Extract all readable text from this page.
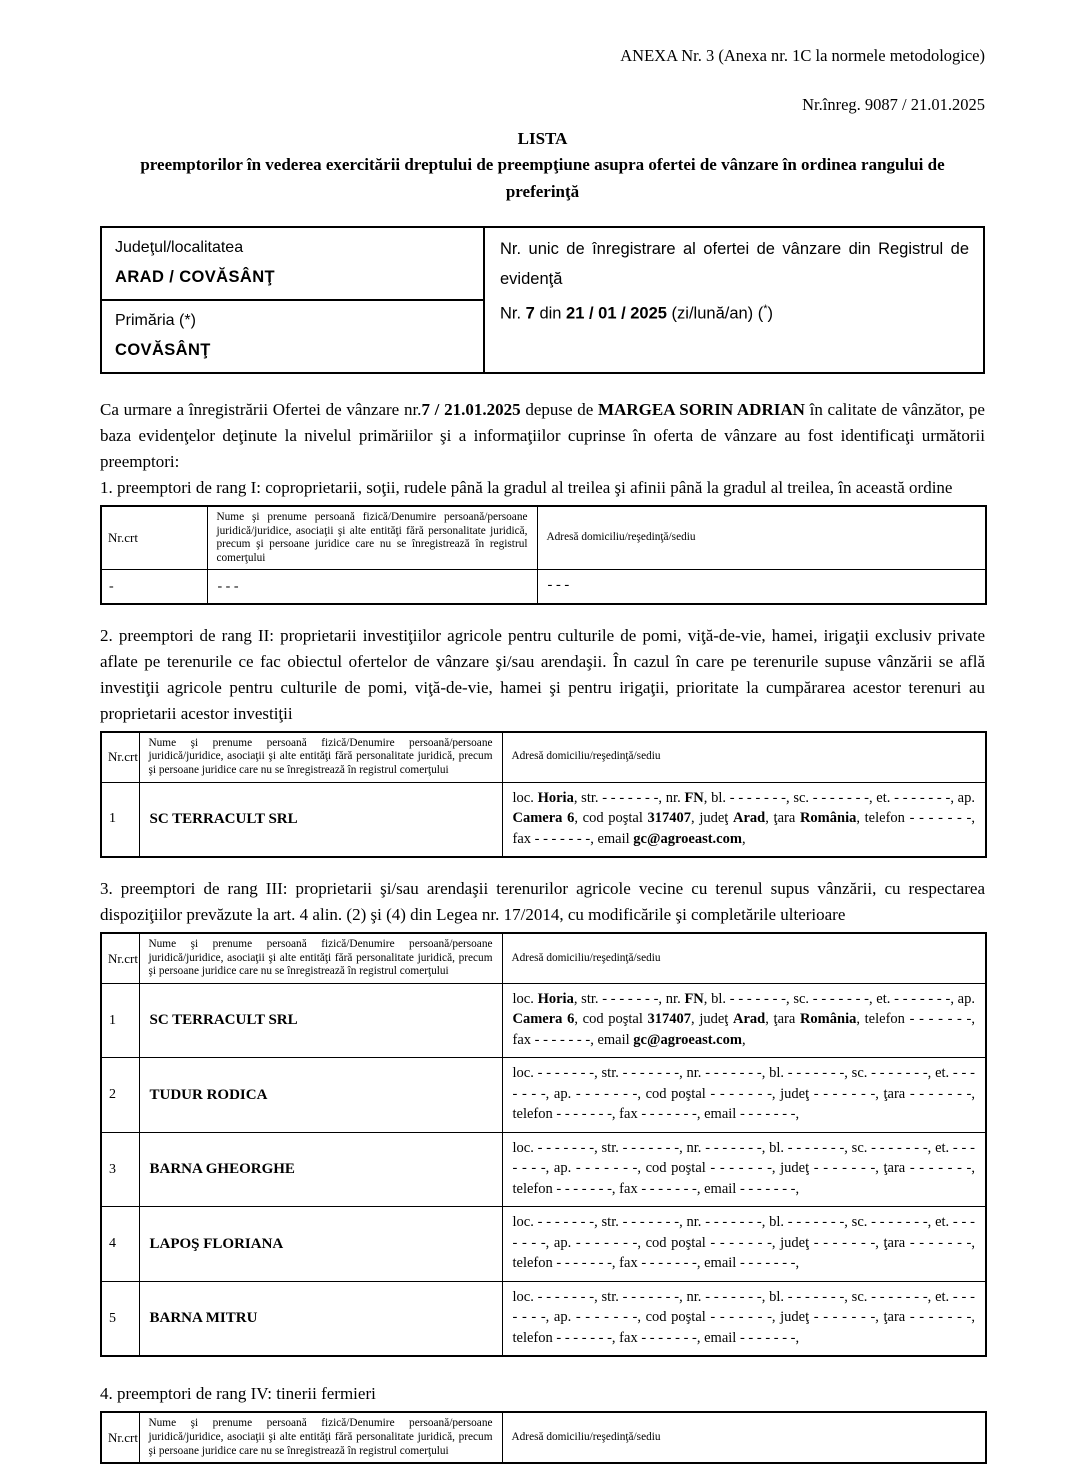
ANEXA Nr. 3 (Anexa nr. 1C la normele metodologice)
Nr.înreg. 9087 / 21.01.2025
LISTA
preemptorilor în vederea exercitării dreptului de preempţiune asupra ofertei de vânzare în ordinea rangului de preferinţă
Judeţul/localitatea
ARAD / COVĂSÂNŢ

Nr. unic de înregistrare al ofertei de vânzare din Registrul de evidenţă
Nr. 7 din 21 / 01 / 2025 (zi/lună/an) (*)

Primăria (*)
COVĂSÂNŢ

Ca urmare a înregistrării Ofertei de vânzare nr.7 / 21.01.2025 depuse de MARGEA SORIN ADRIAN în calitate de vânzător, pe baza evidenţelor deţinute la nivelul primăriilor şi a informaţiilor cuprinse în oferta de vânzare au fost identificaţi următorii preemptori:

1. preemptori de rang I: coproprietarii, soţii, rudele până la gradul al treilea şi afinii până la gradul al treilea, în această ordine

Nr.crt	Nume şi prenume persoană fizică/Denumire persoană/persoane juridică/juridice, asociaţii şi alte entităţi fără personalitate juridică, precum şi persoane juridice care nu se înregistrează în registrul comerţului	Adresă domiciliu/reşedinţă/sediu
-	- - -	- - -

2. preemptori de rang II: proprietarii investiţiilor agricole pentru culturile de pomi, viţă-de-vie, hamei, irigaţii exclusiv private aflate pe terenurile ce fac obiectul ofertelor de vânzare şi/sau arendaşii. În cazul în care pe terenurile supuse vânzării se află investiţii agricole pentru culturile de pomi, viţă-de-vie, hamei şi pentru irigaţii, prioritate la cumpărarea acestor terenuri au proprietarii acestor investiţii

Nr.crt	Nume şi prenume persoană fizică/Denumire persoană/persoane juridică/juridice, asociaţii şi alte entităţi fără personalitate juridică, precum şi persoane juridice care nu se înregistrează în registrul comerţului	Adresă domiciliu/reşedinţă/sediu
1	SC TERRACULT SRL	loc. Horia, str. - - - - - - -, nr. FN, bl. - - - - - - -, sc. - - - - - - -, et. - - - - - - -, ap. Camera 6, cod poştal 317407, judeţ Arad, ţara România, telefon - - - - - - -, fax - - - - - - -, email gc@agroeast.com,

3. preemptori de rang III: proprietarii şi/sau arendaşii terenurilor agricole vecine cu terenul supus vânzării, cu respectarea dispoziţiilor prevăzute la art. 4 alin. (2) şi (4) din Legea nr. 17/2014, cu modificările şi completările ulterioare

Nr.crt	Nume şi prenume persoană fizică/Denumire persoană/persoane juridică/juridice, asociaţii şi alte entităţi fără personalitate juridică, precum şi persoane juridice care nu se înregistrează în registrul comerţului	Adresă domiciliu/reşedinţă/sediu
1	SC TERRACULT SRL	loc. Horia, str. - - - - - - -, nr. FN, bl. - - - - - - -, sc. - - - - - - -, et. - - - - - - -, ap. Camera 6, cod poştal 317407, judeţ Arad, ţara România, telefon - - - - - - -, fax - - - - - - -, email gc@agroeast.com,
2	TUDUR RODICA	loc. - - - - - - -, str. - - - - - - -, nr. - - - - - - -, bl. - - - - - - -, sc. - - - - - - -, et. - - - - - - -, ap. - - - - - - -, cod poştal - - - - - - -, judeţ - - - - - - -, ţara - - - - - - -, telefon - - - - - - -, fax - - - - - - -, email - - - - - - -,
3	BARNA GHEORGHE	loc. - - - - - - -, str. - - - - - - -, nr. - - - - - - -, bl. - - - - - - -, sc. - - - - - - -, et. - - - - - - -, ap. - - - - - - -, cod poştal - - - - - - -, judeţ - - - - - - -, ţara - - - - - - -, telefon - - - - - - -, fax - - - - - - -, email - - - - - - -,
4	LAPOŞ FLORIANA	loc. - - - - - - -, str. - - - - - - -, nr. - - - - - - -, bl. - - - - - - -, sc. - - - - - - -, et. - - - - - - -, ap. - - - - - - -, cod poştal - - - - - - -, judeţ - - - - - - -, ţara - - - - - - -, telefon - - - - - - -, fax - - - - - - -, email - - - - - - -,
5	BARNA MITRU	loc. - - - - - - -, str. - - - - - - -, nr. - - - - - - -, bl. - - - - - - -, sc. - - - - - - -, et. - - - - - - -, ap. - - - - - - -, cod poştal - - - - - - -, judeţ - - - - - - -, ţara - - - - - - -, telefon - - - - - - -, fax - - - - - - -, email - - - - - - -,

4. preemptori de rang IV: tinerii fermieri

Nr.crt	Nume şi prenume persoană fizică/Denumire persoană/persoane juridică/juridice, asociaţii şi alte entităţi fără personalitate juridică, precum şi persoane juridice care nu se înregistrează în registrul comerţului	Adresă domiciliu/reşedinţă/sediu
